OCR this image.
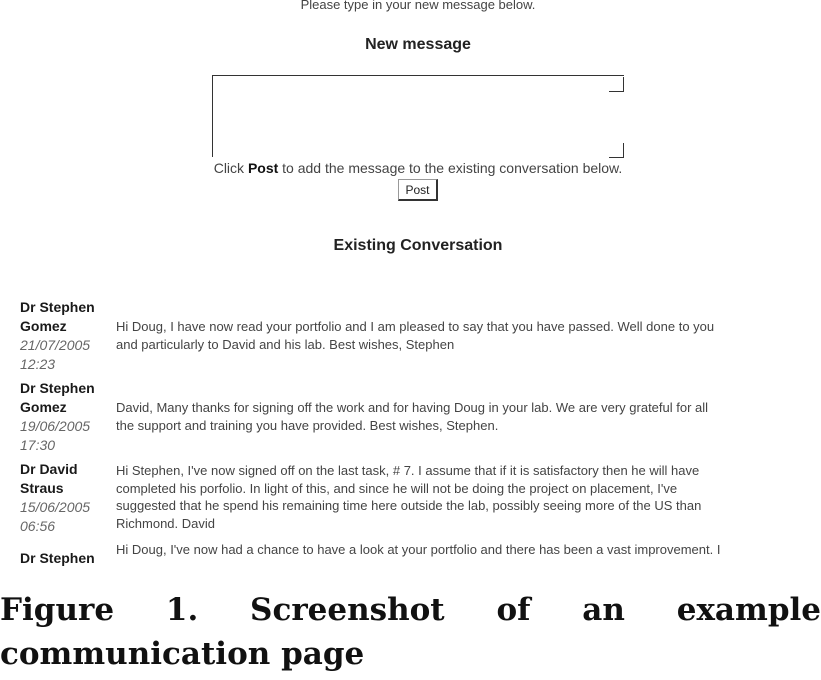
Please type in your new message below.
New message
Click Post to add the message to the existing conversation below.
Post
Existing Conversation
Dr Stephen Gomez
21/07/2005
12:23
Hi Doug, I have now read your portfolio and I am pleased to say that you have passed. Well done to you
and particularly to David and his lab. Best wishes, Stephen
Dr Stephen Gomez
19/06/2005
17:30
David, Many thanks for signing off the work and for having Doug in your lab. We are very grateful for all
the support and training you have provided. Best wishes, Stephen.
Dr David Straus
15/06/2005
06:56
Hi Stephen, I've now signed off on the last task, # 7. I assume that if it is satisfactory then he will have
completed his porfolio. In light of this, and since he will not be doing the project on placement, I've
suggested that he spend his remaining time here outside the lab, possibly seeing more of the US than
Richmond. David
Dr Stephen
Hi Doug, I've now had a chance to have a look at your portfolio and there has been a vast improvement. I
Figure 1. Screenshot of an example communication page
